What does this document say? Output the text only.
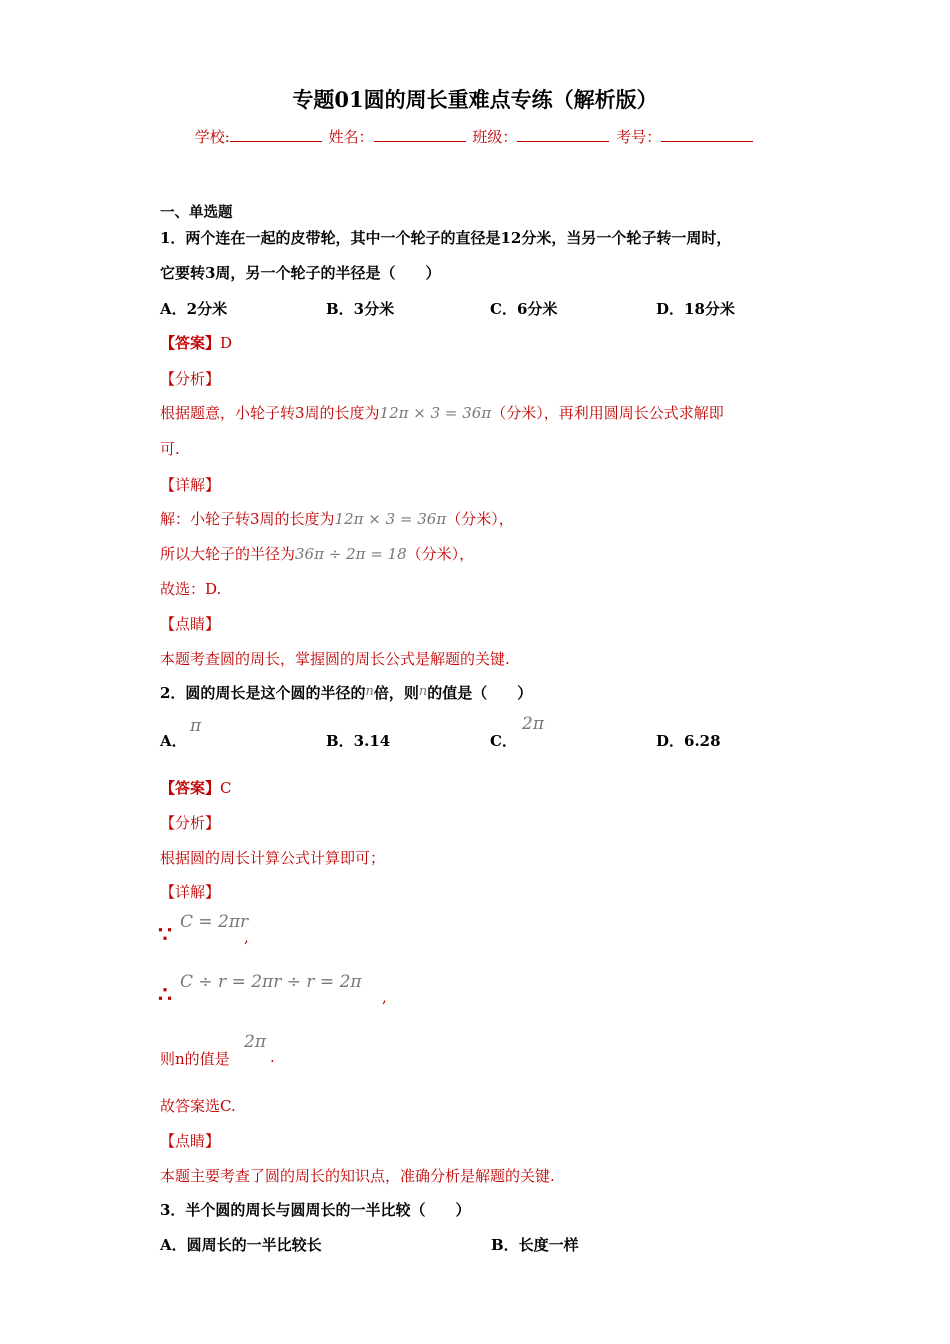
专题01圆的周长重难点专练（解析版）
学校:	姓名：	班级：	考号：
一、单选题
1．两个连在一起的皮带轮，其中一个轮子的直径是12分米，当另一个轮子转一周时，
它要转3周，另一个轮子的半径是（　　）
A．2分米	B．3分米	C．6分米	D．18分米
【答案】D
【分析】
根据题意，小轮子转3周的长度为12π × 3 = 36π（分米），再利用圆周长公式求解即
可.
【详解】
解：小轮子转3周的长度为12π × 3 = 36π（分米），
所以大轮子的半径为36π ÷ 2π = 18（分米），
故选：D.
【点睛】
本题考查圆的周长，掌握圆的周长公式是解题的关键.
2．圆的周长是这个圆的半径的n倍，则n的值是（　　）
A．
π
B．3.14	C．
2π
D．6.28
【答案】C
【分析】
根据圆的周长计算公式计算即可；
【详解】
∵ C = 2πr
,
∴ C ÷ r = 2πr ÷ r = 2π
,
则n的值是
2π
.
故答案选C.
【点睛】
本题主要考查了圆的周长的知识点，准确分析是解题的关键.
3．半个圆的周长与圆周长的一半比较（　　）
A．圆周长的一半比较长	B．长度一样
